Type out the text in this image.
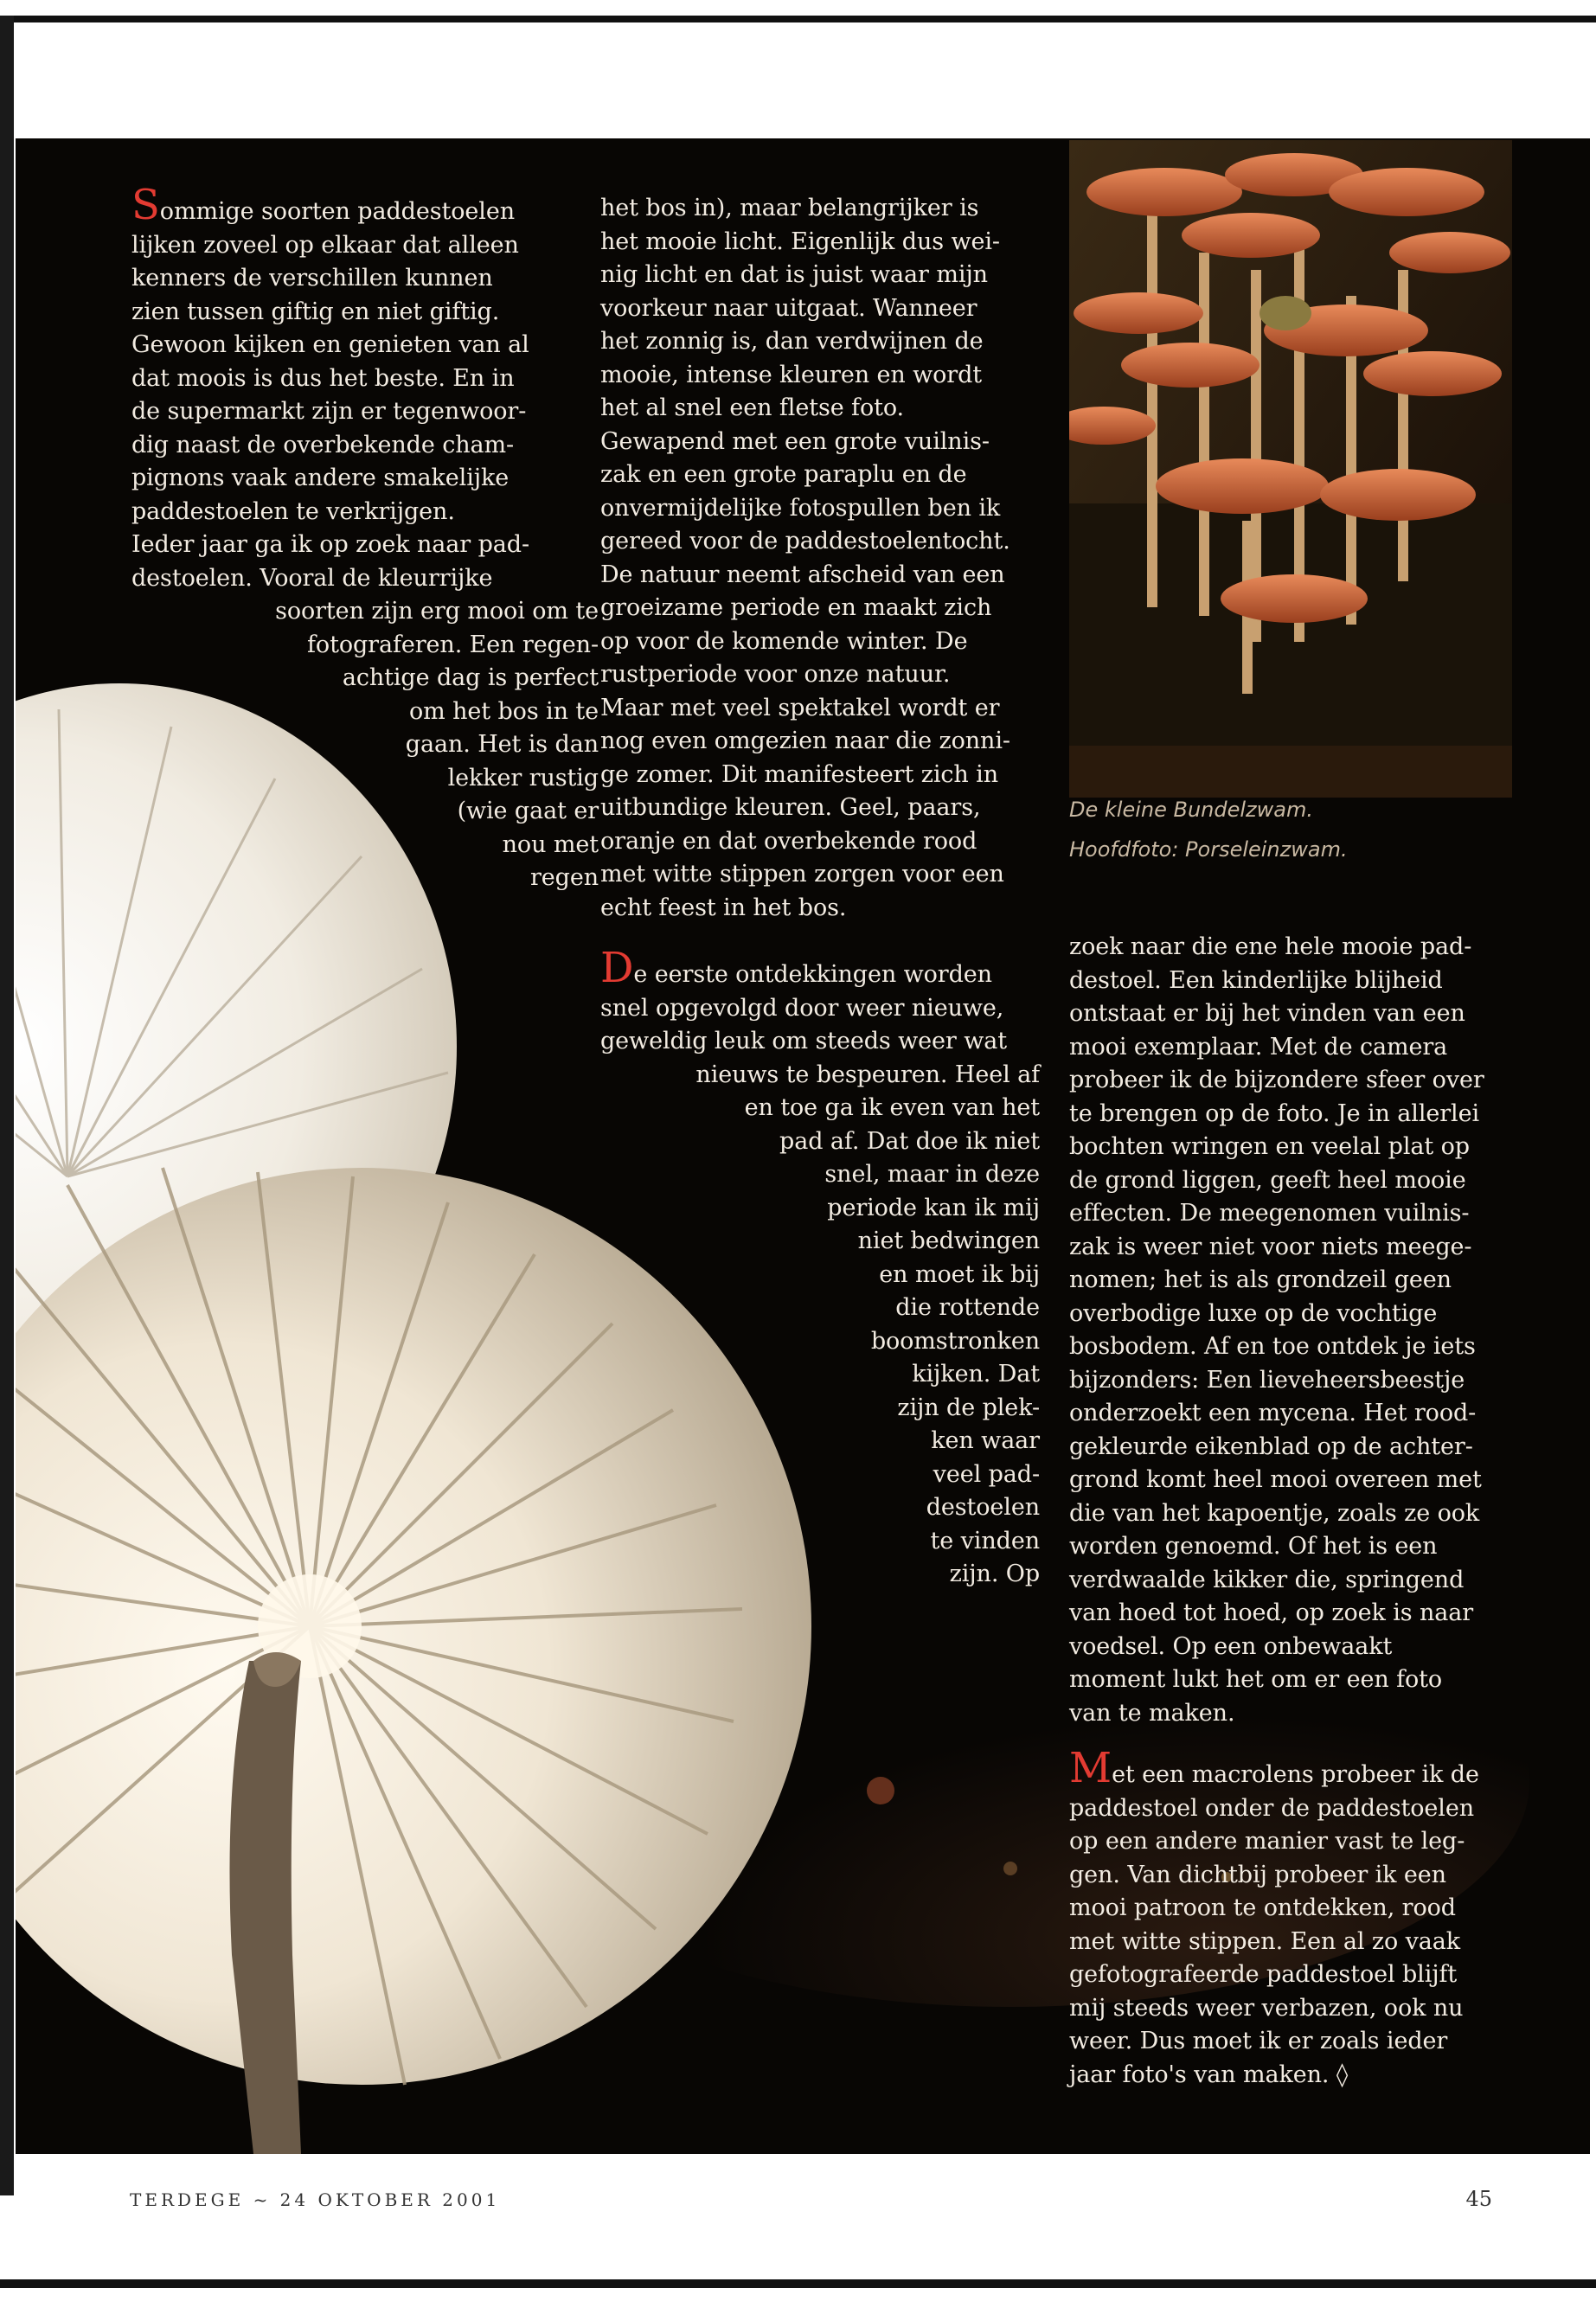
De kleine Bundelzwam.
Hoofdfoto: Porseleinzwam.
Sommige soorten paddestoelen
lijken zoveel op elkaar dat alleen
kenners de verschillen kunnen
zien tussen giftig en niet giftig.
Gewoon kijken en genieten van al
dat moois is dus het beste. En in
de supermarkt zijn er tegenwoor-
dig naast de overbekende cham-
pignons vaak andere smakelijke
paddestoelen te verkrijgen.
Ieder jaar ga ik op zoek naar pad-
destoelen. Vooral de kleurrijke
soorten zijn erg mooi om te
fotograferen. Een regen-
achtige dag is perfect
om het bos in te
gaan. Het is dan
lekker rustig
(wie gaat er
nou met
regen
het bos in), maar belangrijker is
het mooie licht. Eigenlijk dus wei-
nig licht en dat is juist waar mijn
voorkeur naar uitgaat. Wanneer
het zonnig is, dan verdwijnen de
mooie, intense kleuren en wordt
het al snel een fletse foto.
Gewapend met een grote vuilnis-
zak en een grote paraplu en de
onvermijdelijke fotospullen ben ik
gereed voor de paddestoelentocht.
De natuur neemt afscheid van een
groeizame periode en maakt zich
op voor de komende winter. De
rustperiode voor onze natuur.
Maar met veel spektakel wordt er
nog even omgezien naar die zonni-
ge zomer. Dit manifesteert zich in
uitbundige kleuren. Geel, paars,
oranje en dat overbekende rood
met witte stippen zorgen voor een
echt feest in het bos.
De eerste ontdekkingen worden
snel opgevolgd door weer nieuwe,
geweldig leuk om steeds weer wat
nieuws te bespeuren. Heel af
en toe ga ik even van het
pad af. Dat doe ik niet
snel, maar in deze
periode kan ik mij
niet bedwingen
en moet ik bij
die rottende
boomstronken
kijken. Dat
zijn de plek-
ken waar
veel pad-
destoelen
te vinden
zijn. Op
zoek naar die ene hele mooie pad-
destoel. Een kinderlijke blijheid
ontstaat er bij het vinden van een
mooi exemplaar. Met de camera
probeer ik de bijzondere sfeer over
te brengen op de foto. Je in allerlei
bochten wringen en veelal plat op
de grond liggen, geeft heel mooie
effecten. De meegenomen vuilnis-
zak is weer niet voor niets meege-
nomen; het is als grondzeil geen
overbodige luxe op de vochtige
bosbodem. Af en toe ontdek je iets
bijzonders: Een lieveheersbeestje
onderzoekt een mycena. Het rood-
gekleurde eikenblad op de achter-
grond komt heel mooi overeen met
die van het kapoentje, zoals ze ook
worden genoemd. Of het is een
verdwaalde kikker die, springend
van hoed tot hoed, op zoek is naar
voedsel. Op een onbewaakt
moment lukt het om er een foto
van te maken.
Met een macrolens probeer ik de
paddestoel onder de paddestoelen
op een andere manier vast te leg-
gen. Van dichtbij probeer ik een
mooi patroon te ontdekken, rood
met witte stippen. Een al zo vaak
gefotografeerde paddestoel blijft
mij steeds weer verbazen, ook nu
weer. Dus moet ik er zoals ieder
jaar foto's van maken. ◊
TERDEGE ~ 24 OKTOBER 2001	45
